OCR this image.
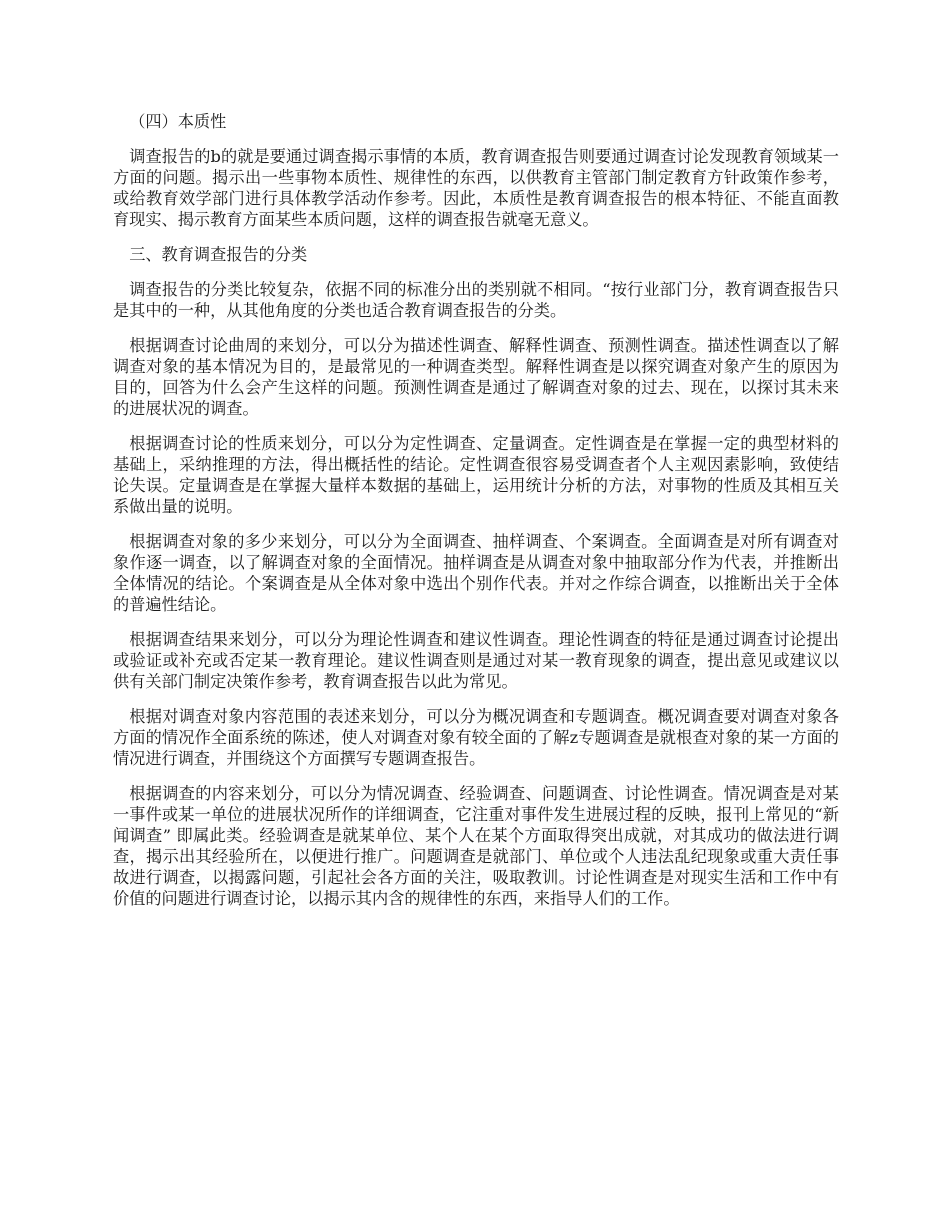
（四）本质性

调查报告的b的就是要通过调查揭示事情的本质，教育调查报告则要通过调查讨论发现教育领域某一方面的问题。揭示出一些事物本质性、规律性的东西，以供教育主管部门制定教育方针政策作参考，或给教育效学部门进行具体教学活动作参考。因此，本质性是教育调查报告的根本特征、不能直面教育现实、揭示教育方面某些本质问题，这样的调查报告就毫无意义。

三、教育调查报告的分类

调查报告的分类比较复杂，依据不同的标准分出的类别就不相同。“按行业部门分，教育调查报告只是其中的一种，从其他角度的分类也适合教育调查报告的分类。

根据调查讨论曲周的来划分，可以分为描述性调查、解释性调查、预测性调查。描述性调查以了解调查对象的基本情况为目的，是最常见的一种调查类型。解释性调查是以探究调查对象产生的原因为目的，回答为什么会产生这样的问题。预测性调查是通过了解调查对象的过去、现在，以探讨其未来的进展状况的调查。

根据调查讨论的性质来划分，可以分为定性调查、定量调查。定性调查是在掌握一定的典型材料的基础上，采纳推理的方法，得出概括性的结论。定性调查很容易受调查者个人主观因素影响，致使结论失误。定量调查是在掌握大量样本数据的基础上，运用统计分析的方法，对事物的性质及其相互关系做出量的说明。

根据调查对象的多少来划分，可以分为全面调查、抽样调查、个案调查。全面调查是对所有调查对象作逐一调查，以了解调查对象的全面情况。抽样调查是从调查对象中抽取部分作为代表，并推断出全体情况的结论。个案调查是从全体对象中选出个别作代表。并对之作综合调查，以推断出关于全体的普遍性结论。

根据调查结果来划分，可以分为理论性调查和建议性调查。理论性调查的特征是通过调查讨论提出或验证或补充或否定某一教育理论。建议性调查则是通过对某一教育现象的调查，提出意见或建议以供有关部门制定决策作参考，教育调查报告以此为常见。

根据对调查对象内容范围的表述来划分，可以分为概况调查和专题调查。概况调查要对调查对象各方面的情况作全面系统的陈述，使人对调查对象有较全面的了解z专题调查是就根查对象的某一方面的情况进行调查，并围绕这个方面撰写专题调查报告。

根据调查的内容来划分，可以分为情况调查、经验调查、问题调查、讨论性调查。情况调查是对某一事件或某一单位的进展状况所作的详细调查，它注重对事件发生进展过程的反映，报刊上常见的“新闻调查” 即属此类。经验调查是就某单位、某个人在某个方面取得突出成就，对其成功的做法进行调查，揭示出其经验所在，以便进行推广。问题调查是就部门、单位或个人违法乱纪现象或重大责任事故进行调查，以揭露问题，引起社会各方面的关注，吸取教训。讨论性调查是对现实生活和工作中有价值的问题进行调查讨论，以揭示其内含的规律性的东西，来指导人们的工作。
